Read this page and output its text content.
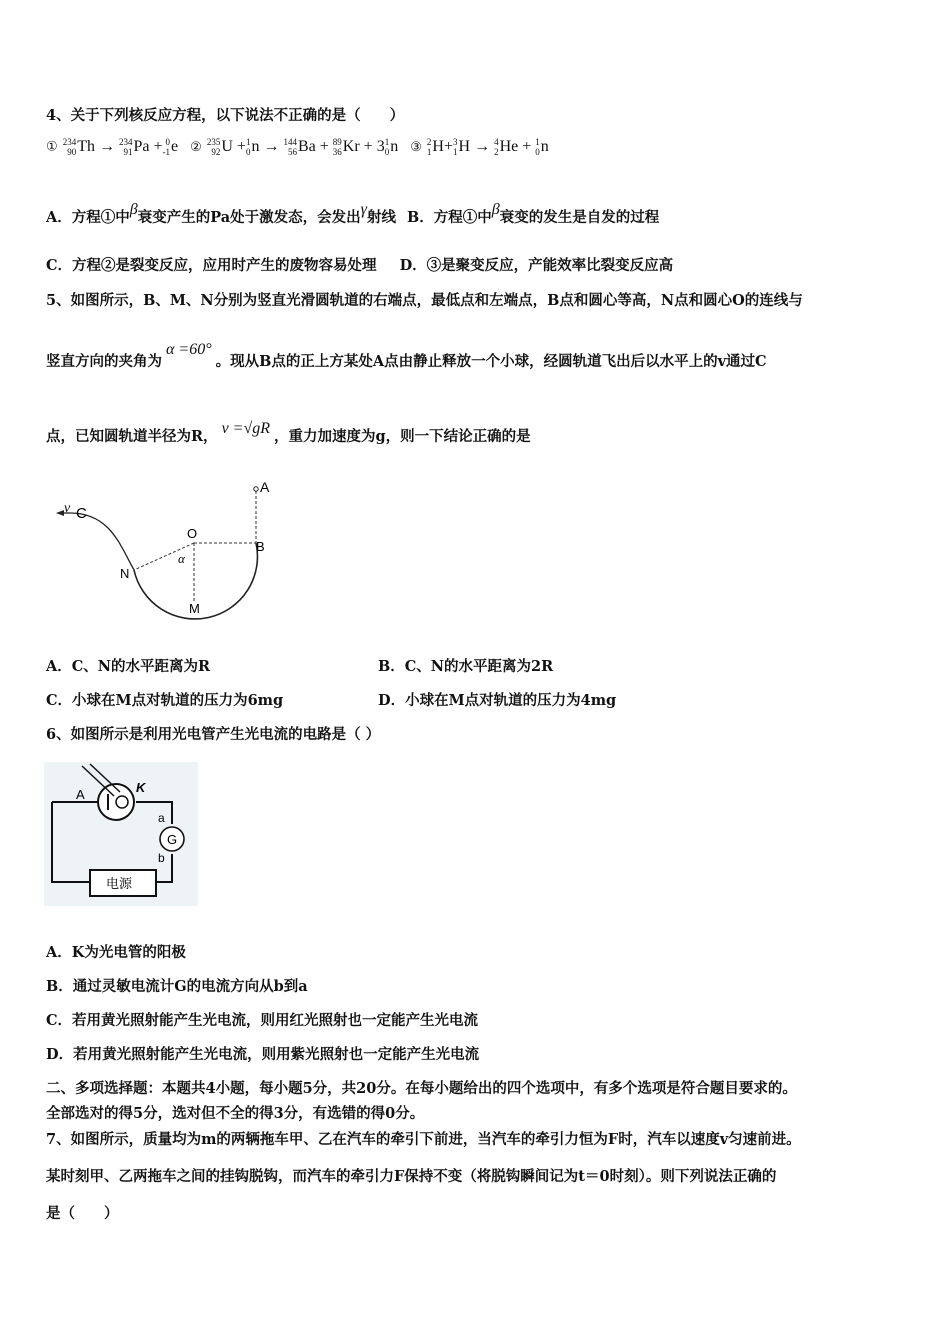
4、关于下列核反应方程，以下说法不正确的是（　　）
① 234
90 Th → 234
91 Pa + 0
-1 e ② 235
92 U + 1
0 n → 144
56 Ba + 89
36 Kr + 3 1
0 n ③ 2
1 H+ 3
1 H → 4
2 He + 1
0 n
A．方程①中β衰变产生的Pa处于激发态，会发出γ射线 B．方程①中β衰变的发生是自发的过程
C．方程②是裂变反应，应用时产生的废物容易处理 D．③是聚变反应，产能效率比裂变反应高
5、如图所示，B、M、N分别为竖直光滑圆轨道的右端点，最低点和左端点，B点和圆心等高，N点和圆心O的连线与
竖直方向的夹角为α =60°。现从B点的正上方某处A点由静止释放一个小球，经圆轨道飞出后以水平上的v通过C
点，已知圆轨道半径为R， v =√gR ，重力加速度为g，则一下结论正确的是
v C
A
B
O
N
M
α
A．C、N的水平距离为R	B．C、N的水平距离为2R
C．小球在M点对轨道的压力为6mg	D．小球在M点对轨道的压力为4mg
6、如图所示是利用光电管产生光电流的电路是（ ）
G
a
b
A	K
电源
A．K为光电管的阳极
B．通过灵敏电流计G的电流方向从b到a
C．若用黄光照射能产生光电流，则用红光照射也一定能产生光电流
D．若用黄光照射能产生光电流，则用紫光照射也一定能产生光电流
二、多项选择题：本题共4小题，每小题5分，共20分。在每小题给出的四个选项中，有多个选项是符合题目要求的。
全部选对的得5分，选对但不全的得3分，有选错的得0分。
7、如图所示，质量均为m的两辆拖车甲、乙在汽车的牵引下前进，当汽车的牵引力恒为F时，汽车以速度v匀速前进。
某时刻甲、乙两拖车之间的挂钩脱钩，而汽车的牵引力F保持不变（将脱钩瞬间记为t＝0时刻）。则下列说法正确的
是（　　）
